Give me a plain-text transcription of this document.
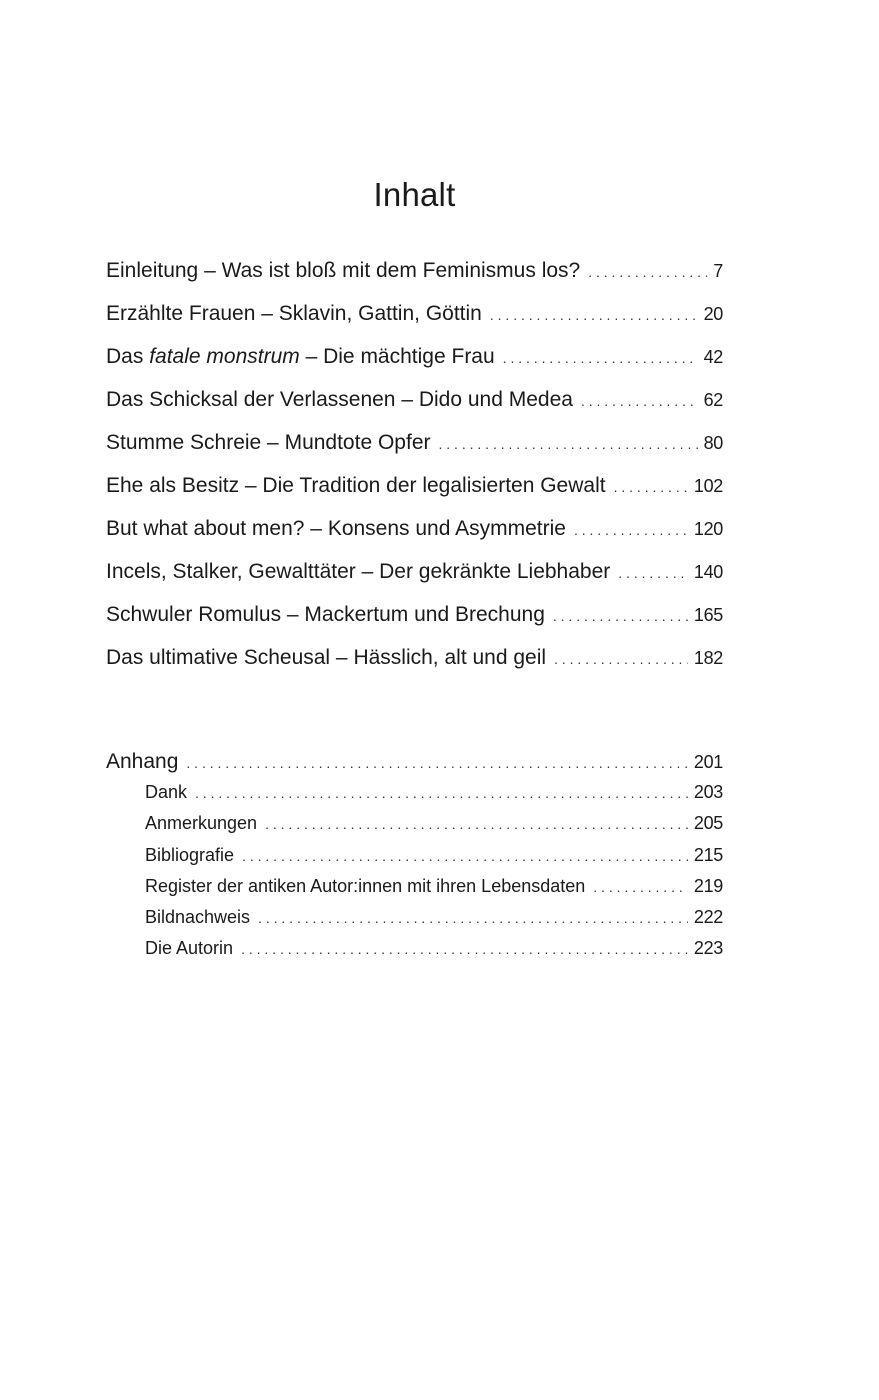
Inhalt
Einleitung – Was ist bloß mit dem Feminismus los? . . .	7
Erzählte Frauen – Sklavin, Gattin, Göttin . . .	20
Das fatale monstrum – Die mächtige Frau . . .	42
Das Schicksal der Verlassenen – Dido und Medea . . .	62
Stumme Schreie – Mundtote Opfer . . .	80
Ehe als Besitz – Die Tradition der legalisierten Gewalt . . .	102
But what about men? – Konsens und Asymmetrie . . .	120
Incels, Stalker, Gewalttäter – Der gekränkte Liebhaber . . .	140
Schwuler Romulus – Mackertum und Brechung . . .	165
Das ultimative Scheusal – Hässlich, alt und geil . . .	182
Anhang . . .	201
Dank . . .	203
Anmerkungen . . .	205
Bibliografie . . .	215
Register der antiken Autor:innen mit ihren Lebensdaten . . .	219
Bildnachweis . . .	222
Die Autorin . . .	223
